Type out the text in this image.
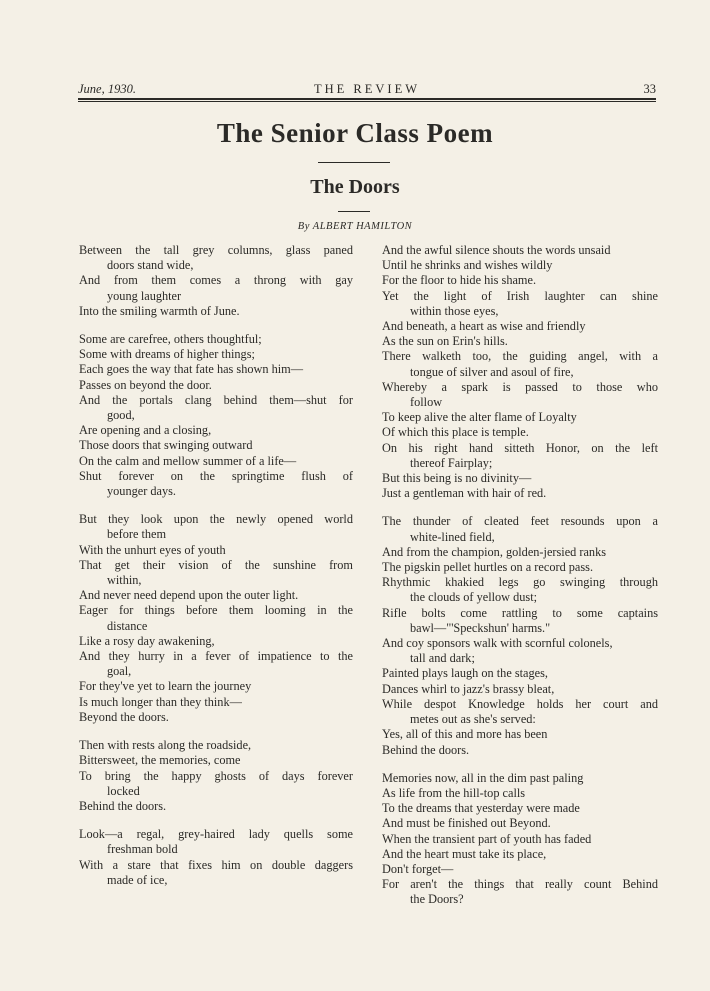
June, 1930.	THE REVIEW	33
The Senior Class Poem
The Doors
By ALBERT HAMILTON
Between the tall grey columns, glass paned
doors stand wide,
And from them comes a throng with gay
young laughter
Into the smiling warmth of June.
Some are carefree, others thoughtful;
Some with dreams of higher things;
Each goes the way that fate has shown him—
Passes on beyond the door.
And the portals clang behind them—shut for
good,
Are opening and a closing,
Those doors that swinging outward
On the calm and mellow summer of a life—
Shut forever on the springtime flush of
younger days.
But they look upon the newly opened world
before them
With the unhurt eyes of youth
That get their vision of the sunshine from
within,
And never need depend upon the outer light.
Eager for things before them looming in the
distance
Like a rosy day awakening,
And they hurry in a fever of impatience to the
goal,
For they've yet to learn the journey
Is much longer than they think—
Beyond the doors.
Then with rests along the roadside,
Bittersweet, the memories, come
To bring the happy ghosts of days forever
locked
Behind the doors.
Look—a regal, grey-haired lady quells some
freshman bold
With a stare that fixes him on double daggers
made of ice,
And the awful silence shouts the words unsaid
Until he shrinks and wishes wildly
For the floor to hide his shame.
Yet the light of Irish laughter can shine
within those eyes,
And beneath, a heart as wise and friendly
As the sun on Erin's hills.
There walketh too, the guiding angel, with a
tongue of silver and asoul of fire,
Whereby a spark is passed to those who
follow
To keep alive the alter flame of Loyalty
Of which this place is temple.
On his right hand sitteth Honor, on the left
thereof Fairplay;
But this being is no divinity—
Just a gentleman with hair of red.
The thunder of cleated feet resounds upon a
white-lined field,
And from the champion, golden-jersied ranks
The pigskin pellet hurtles on a record pass.
Rhythmic khakied legs go swinging through
the clouds of yellow dust;
Rifle bolts come rattling to some captains
bawl—"'Speckshun' harms."
And coy sponsors walk with scornful colonels,
tall and dark;
Painted plays laugh on the stages,
Dances whirl to jazz's brassy bleat,
While despot Knowledge holds her court and
metes out as she's served:
Yes, all of this and more has been
Behind the doors.
Memories now, all in the dim past paling
As life from the hill-top calls
To the dreams that yesterday were made
And must be finished out Beyond.
When the transient part of youth has faded
And the heart must take its place,
Don't forget—
For aren't the things that really count Behind
the Doors?
